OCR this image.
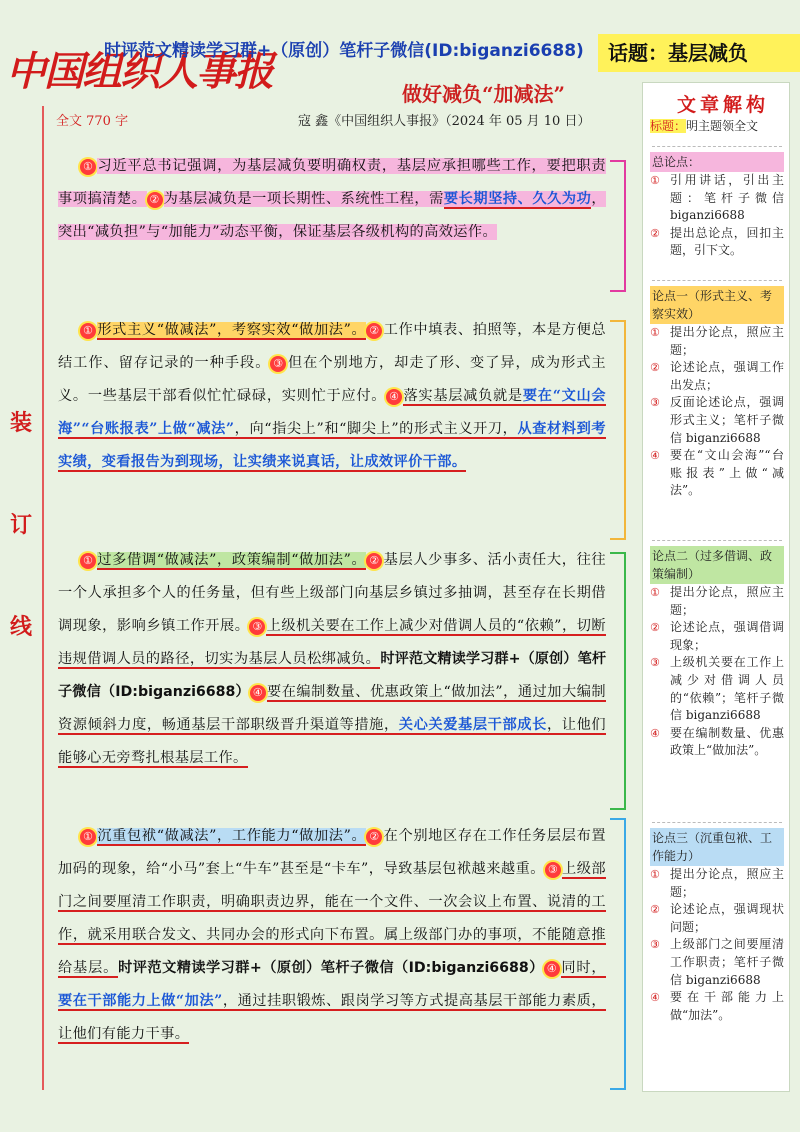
中国组织人事报
时评范文精读学习群+（原创）笔杆子微信(ID:biganzi6688)	话题：基层减负
做好减负“加减法”
全文 770 字	寇 鑫《中国组织人事报》（2024 年 05 月 10 日）
装
订
线
  ① 习近平总书记强调，为基层减负要明确权责，基层应承担哪些工作，要把职责事项搞清楚。 ② 为基层减负是一项长期性、系统性工程，需要长期坚持、久久为功，突出“减负担”与“加能力”动态平衡，保证基层各级机构的高效运作。
  ① 形式主义“做减法”，考察实效“做加法”。 ② 工作中填表、拍照等，本是方便总结工作、留存记录的一种手段。 ③ 但在个别地方，却走了形、变了异，成为形式主义。一些基层干部看似忙忙碌碌，实则忙于应付。 ④ 落实基层减负就是要在“文山会海”“台账报表”上做“减法”，向“指尖上”和“脚尖上”的形式主义开刀，从查材料到考实绩，变看报告为到现场，让实绩来说真话，让成效评价干部。
  ① 过多借调“做减法”，政策编制“做加法”。 ② 基层人少事多、活小责任大，往往一个人承担多个人的任务量，但有些上级部门向基层乡镇过多抽调，甚至存在长期借调现象，影响乡镇工作开展。 ③ 上级机关要在工作上减少对借调人员的“依赖”，切断违规借调人员的路径，切实为基层人员松绑减负。时评范文精读学习群+（原创）笔杆子微信（ID:biganzi6688） ④ 要在编制数量、优惠政策上“做加法”，通过加大编制资源倾斜力度，畅通基层干部职级晋升渠道等措施，关心关爱基层干部成长，让他们能够心无旁骛扎根基层工作。
  ① 沉重包袱“做减法”，工作能力“做加法”。 ② 在个别地区存在工作任务层层布置加码的现象，给“小马”套上“牛车”甚至是“卡车”，导致基层包袱越来越重。 ③ 上级部门之间要厘清工作职责，明确职责边界，能在一个文件、一次会议上布置、说清的工作，就采用联合发文、共同办会的形式向下布置。属上级部门办的事项，不能随意推给基层。时评范文精读学习群+（原创）笔杆子微信（ID:biganzi6688） ④ 同时，要在干部能力上做“加法”，通过挂职锻炼、跟岗学习等方式提高基层干部能力素质，让他们有能力干事。
文章解构
标题：明主题领全文
总论点：
① 引用讲话，引出主题：笔杆子微信 biganzi6688
② 提出总论点，回扣主题，引下文。
论点一（形式主义、考察实效）
① 提出分论点，照应主题；
② 论述论点，强调工作出发点；
③ 反面论述论点，强调形式主义；笔杆子微信 biganzi6688
④ 要在“文山会海”“台账报表”上做“减法”。
论点二（过多借调、政策编制）
① 提出分论点，照应主题；
② 论述论点，强调借调现象；
③ 上级机关要在工作上减少对借调人员的“依赖”；笔杆子微信 biganzi6688
④ 要在编制数量、优惠政策上“做加法”。
论点三（沉重包袱、工作能力）
① 提出分论点，照应主题；
② 论述论点，强调现状问题；
③ 上级部门之间要厘清工作职责；笔杆子微信 biganzi6688
④ 要在干部能力上做“加法”。
